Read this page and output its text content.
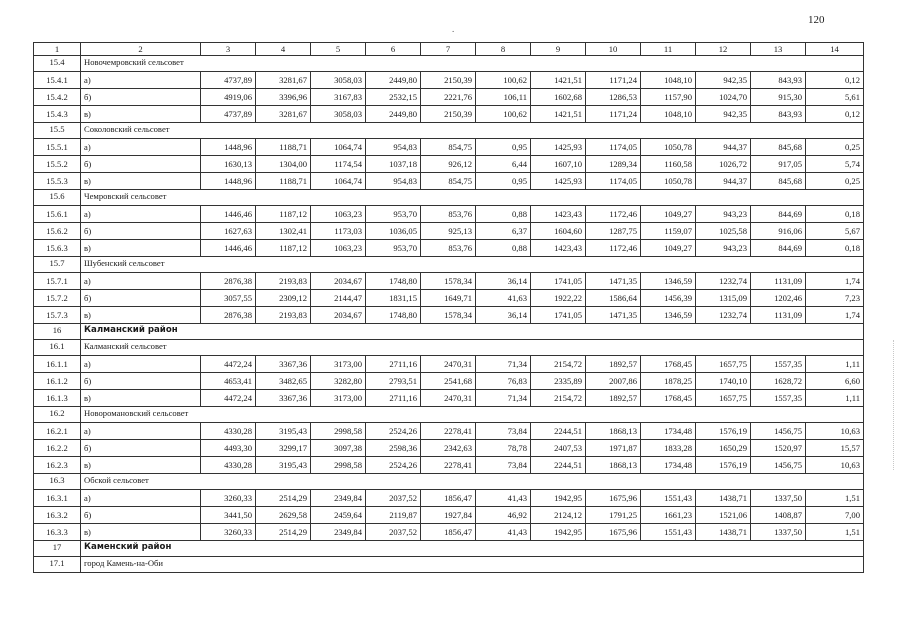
120
.
1	2	3	4	5	6	7	8	9	10	11	12	13	14
15.4	Новочемровский сельсовет												
15.4.1	а)	4737,89	3281,67	3058,03	2449,80	2150,39	100,62	1421,51	1171,24	1048,10	942,35	843,93	0,12
15.4.2	б)	4919,06	3396,96	3167,83	2532,15	2221,76	106,11	1602,68	1286,53	1157,90	1024,70	915,30	5,61
15.4.3	в)	4737,89	3281,67	3058,03	2449,80	2150,39	100,62	1421,51	1171,24	1048,10	942,35	843,93	0,12
15.5	Соколовский сельсовет												
15.5.1	а)	1448,96	1188,71	1064,74	954,83	854,75	0,95	1425,93	1174,05	1050,78	944,37	845,68	0,25
15.5.2	б)	1630,13	1304,00	1174,54	1037,18	926,12	6,44	1607,10	1289,34	1160,58	1026,72	917,05	5,74
15.5.3	в)	1448,96	1188,71	1064,74	954,83	854,75	0,95	1425,93	1174,05	1050,78	944,37	845,68	0,25
15.6	Чемровский сельсовет												
15.6.1	а)	1446,46	1187,12	1063,23	953,70	853,76	0,88	1423,43	1172,46	1049,27	943,23	844,69	0,18
15.6.2	б)	1627,63	1302,41	1173,03	1036,05	925,13	6,37	1604,60	1287,75	1159,07	1025,58	916,06	5,67
15.6.3	в)	1446,46	1187,12	1063,23	953,70	853,76	0,88	1423,43	1172,46	1049,27	943,23	844,69	0,18
15.7	Шубенский сельсовет												
15.7.1	а)	2876,38	2193,83	2034,67	1748,80	1578,34	36,14	1741,05	1471,35	1346,59	1232,74	1131,09	1,74
15.7.2	б)	3057,55	2309,12	2144,47	1831,15	1649,71	41,63	1922,22	1586,64	1456,39	1315,09	1202,46	7,23
15.7.3	в)	2876,38	2193,83	2034,67	1748,80	1578,34	36,14	1741,05	1471,35	1346,59	1232,74	1131,09	1,74
16	Калманский район												
16.1	Калманский сельсовет												
16.1.1	а)	4472,24	3367,36	3173,00	2711,16	2470,31	71,34	2154,72	1892,57	1768,45	1657,75	1557,35	1,11
16.1.2	б)	4653,41	3482,65	3282,80	2793,51	2541,68	76,83	2335,89	2007,86	1878,25	1740,10	1628,72	6,60
16.1.3	в)	4472,24	3367,36	3173,00	2711,16	2470,31	71,34	2154,72	1892,57	1768,45	1657,75	1557,35	1,11
16.2	Новороманoвский сельсовет												
16.2.1	а)	4330,28	3195,43	2998,58	2524,26	2278,41	73,84	2244,51	1868,13	1734,48	1576,19	1456,75	10,63
16.2.2	б)	4493,30	3299,17	3097,38	2598,36	2342,63	78,78	2407,53	1971,87	1833,28	1650,29	1520,97	15,57
16.2.3	в)	4330,28	3195,43	2998,58	2524,26	2278,41	73,84	2244,51	1868,13	1734,48	1576,19	1456,75	10,63
16.3	Обской сельсовет												
16.3.1	а)	3260,33	2514,29	2349,84	2037,52	1856,47	41,43	1942,95	1675,96	1551,43	1438,71	1337,50	1,51
16.3.2	б)	3441,50	2629,58	2459,64	2119,87	1927,84	46,92	2124,12	1791,25	1661,23	1521,06	1408,87	7,00
16.3.3	в)	3260,33	2514,29	2349,84	2037,52	1856,47	41,43	1942,95	1675,96	1551,43	1438,71	1337,50	1,51
17	Каменский район												
17.1	город Камень-на-Оби												
